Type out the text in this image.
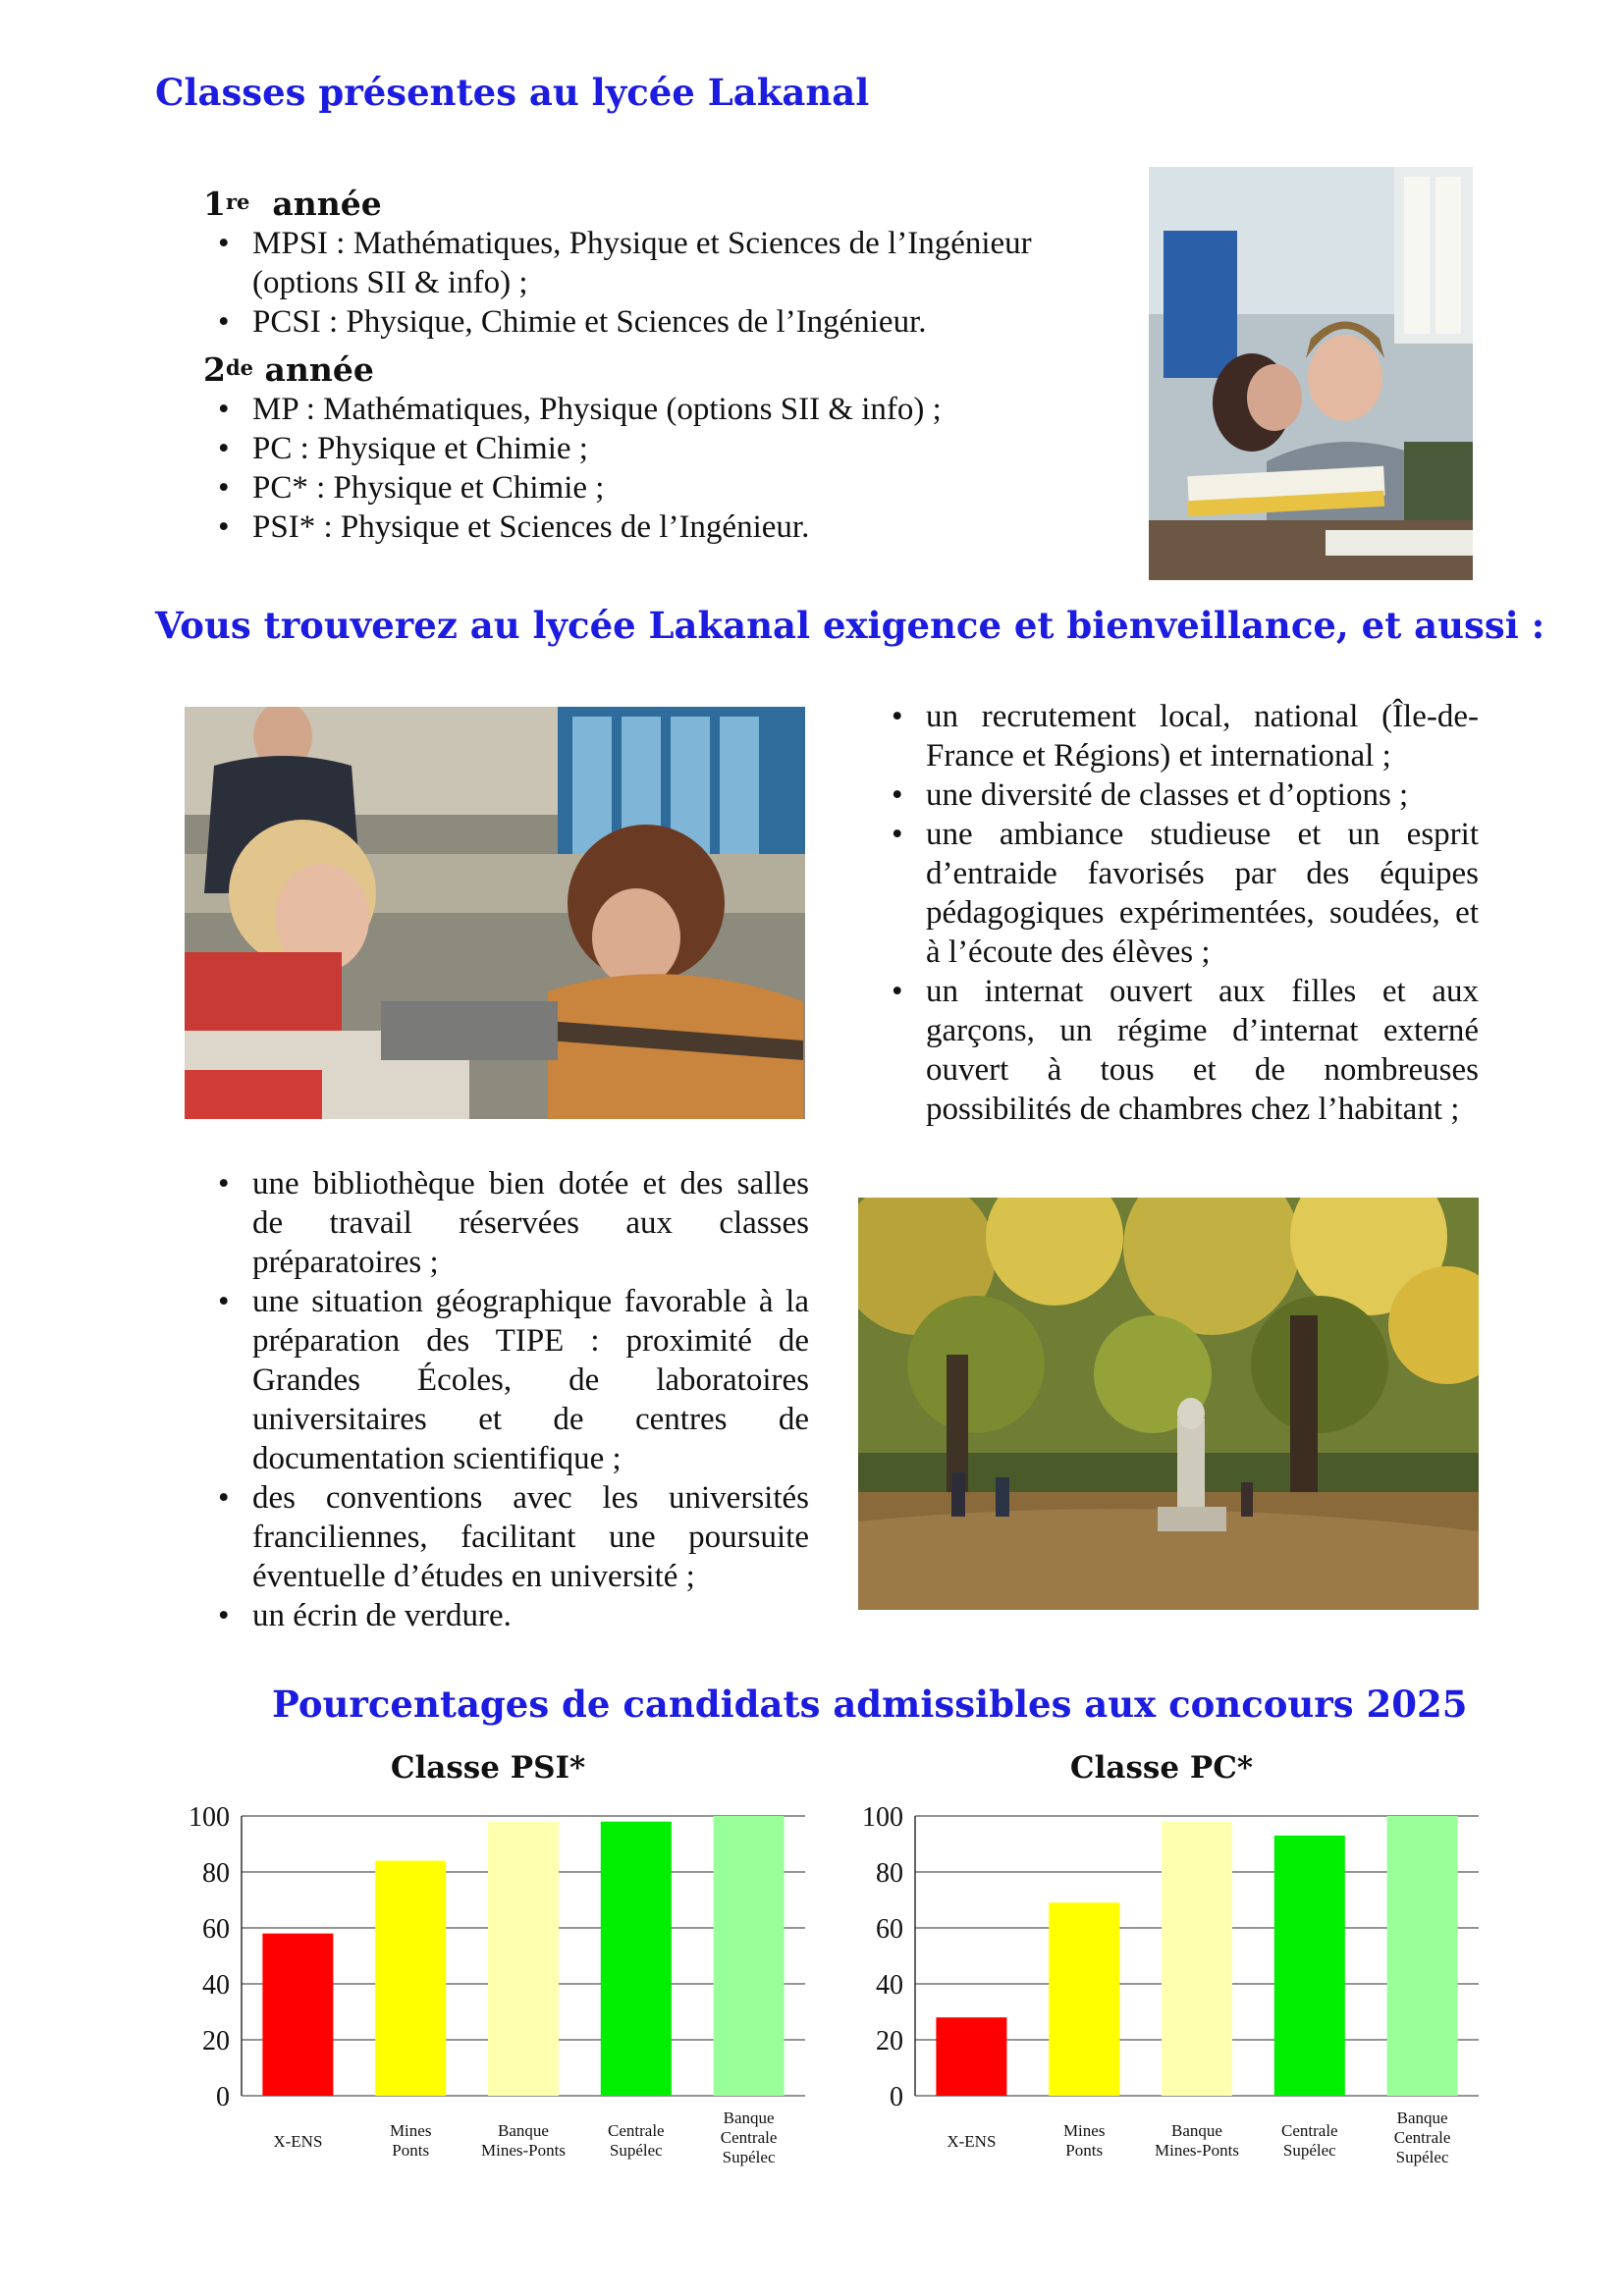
Classes présentes au lycée Lakanal
1re année
• MPSI : Mathématiques, Physique et Sciences de l’Ingénieur (options SII & info) ;
• PCSI : Physique, Chimie et Sciences de l’Ingénieur.
2de année
• MP : Mathématiques, Physique (options SII & info) ;
• PC : Physique et Chimie ;
• PC* : Physique et Chimie ;
• PSI* : Physique et Sciences de l’Ingénieur.
Vous trouverez au lycée Lakanal exigence et bienveillance, et aussi :
• un recrutement local, national (Île-de-France et Régions) et international ;
• une diversité de classes et d’options ;
• une ambiance studieuse et un esprit d’entraide favorisés par des équipes pédagogiques expérimentées, soudées, et à l’écoute des élèves ;
• un internat ouvert aux filles et aux garçons, un régime d’internat externé ouvert à tous et de nombreuses possibilités de chambres chez l’habitant ;
• une bibliothèque bien dotée et des salles de travail réservées aux classes préparatoires ;
• une situation géographique favorable à la préparation des TIPE : proximité de Grandes Écoles, de laboratoires universitaires et de centres de documentation scientifique ;
• des conventions avec les universités franciliennes, facilitant une poursuite éventuelle d’études en université ;
• un écrin de verdure.
Pourcentages de candidats admissibles aux concours 2025
Classe PSI*	Classe PC*
0
20
40
60
80
100
X-ENS
Mines Ponts
Banque Mines-Ponts
Centrale Supélec
Banque Centrale Supélec
0
20
40
60
80
100
X-ENS
Mines Ponts
Banque Mines-Ponts
Centrale Supélec
Banque Centrale Supélec
